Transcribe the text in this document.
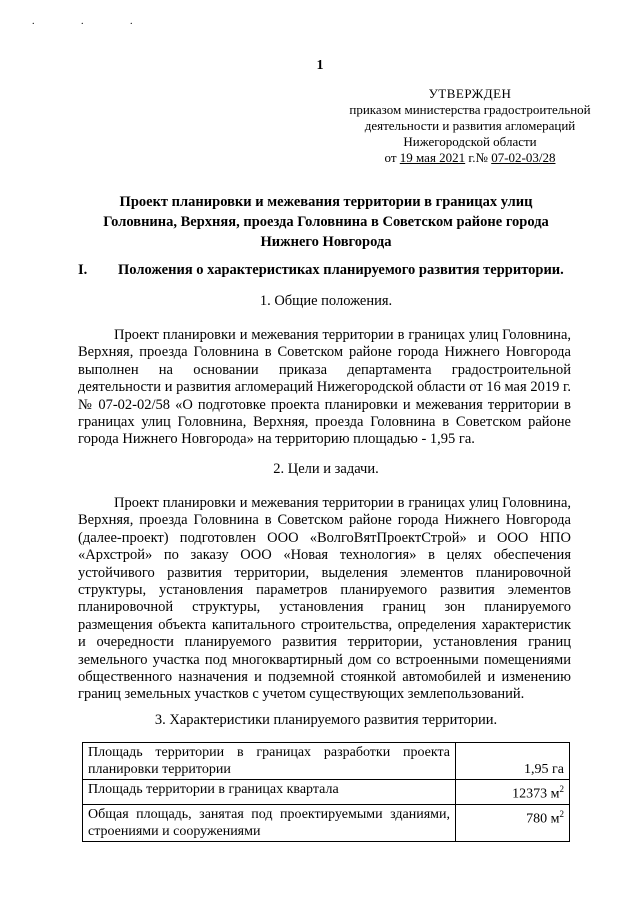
. . .
1
УТВЕРЖДЕН
приказом министерства градостроительной
деятельности и развития агломераций
Нижегородской области
от 19 мая 2021 г.№ 07-02-03/28
Проект планировки и межевания территории в границах улиц
Головнина, Верхняя, проезда Головнина в Советском районе города
Нижнего Новгорода
I. Положения о характеристиках планируемого развития территории.
1. Общие положения.
Проект планировки и межевания территории в границах улиц Головнина, Верхняя, проезда Головнина в Советском районе города Нижнего Новгорода выполнен на основании приказа департамента градостроительной деятельности и развития агломераций Нижегородской области от 16 мая 2019 г. № 07-02-02/58 «О подготовке проекта планировки и межевания территории в границах улиц Головнина, Верхняя, проезда Головнина в Советском районе города Нижнего Новгорода» на территорию площадью - 1,95 га.
2. Цели и задачи.
Проект планировки и межевания территории в границах улиц Головнина, Верхняя, проезда Головнина в Советском районе города Нижнего Новгорода (далее-проект) подготовлен ООО «ВолгоВятПроектСтрой» и ООО НПО «Архстрой» по заказу ООО «Новая технология» в целях обеспечения устойчивого развития территории, выделения элементов планировочной структуры, установления параметров планируемого развития элементов планировочной структуры, установления границ зон планируемого размещения объекта капитального строительства, определения характеристик и очередности планируемого развития территории, установления границ земельного участка под многоквартирный дом со встроенными помещениями общественного назначения и подземной стоянкой автомобилей и изменению границ земельных участков с учетом существующих землепользований.
3. Характеристики планируемого развития территории.
Площадь территории в границах разработки проекта планировки территории	1,95 га
Площадь территории в границах квартала	12373 $м^2$
Общая площадь, занятая под проектируемыми зданиями, строениями и сооружениями	780 $м^2$
